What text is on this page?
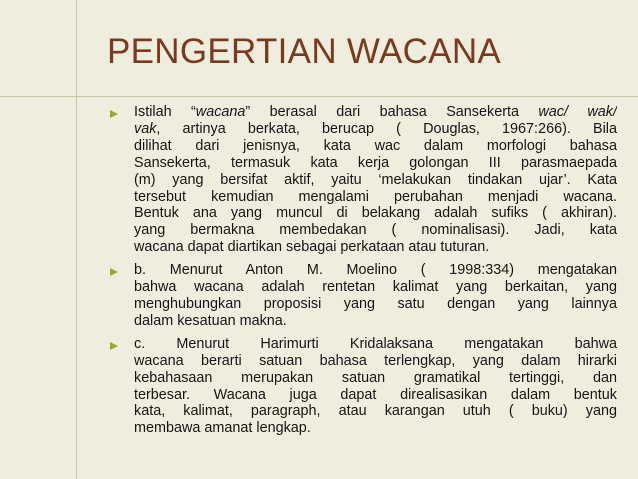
PENGERTIAN WACANA
Istilah “wacana” berasal dari bahasa Sansekerta wac/ wak/
vak, artinya berkata, berucap ( Douglas, 1967:266). Bila
dilihat dari jenisnya, kata wac dalam morfologi bahasa
Sansekerta, termasuk kata kerja golongan III parasmaepada
(m) yang bersifat aktif, yaitu ‘melakukan tindakan ujar’. Kata
tersebut kemudian mengalami perubahan menjadi wacana.
Bentuk ana yang muncul di belakang adalah sufiks ( akhiran).
yang bermakna membedakan ( nominalisasi). Jadi, kata
wacana dapat diartikan sebagai perkataan atau tuturan.
b. Menurut Anton M. Moelino ( 1998:334) mengatakan
bahwa wacana adalah rentetan kalimat yang berkaitan, yang
menghubungkan proposisi yang satu dengan yang lainnya
dalam kesatuan makna.
c. Menurut Harimurti Kridalaksana mengatakan bahwa
wacana berarti satuan bahasa terlengkap, yang dalam hirarki
kebahasaan merupakan satuan gramatikal tertinggi, dan
terbesar. Wacana juga dapat direalisasikan dalam bentuk
kata, kalimat, paragraph, atau karangan utuh ( buku) yang
membawa amanat lengkap.
